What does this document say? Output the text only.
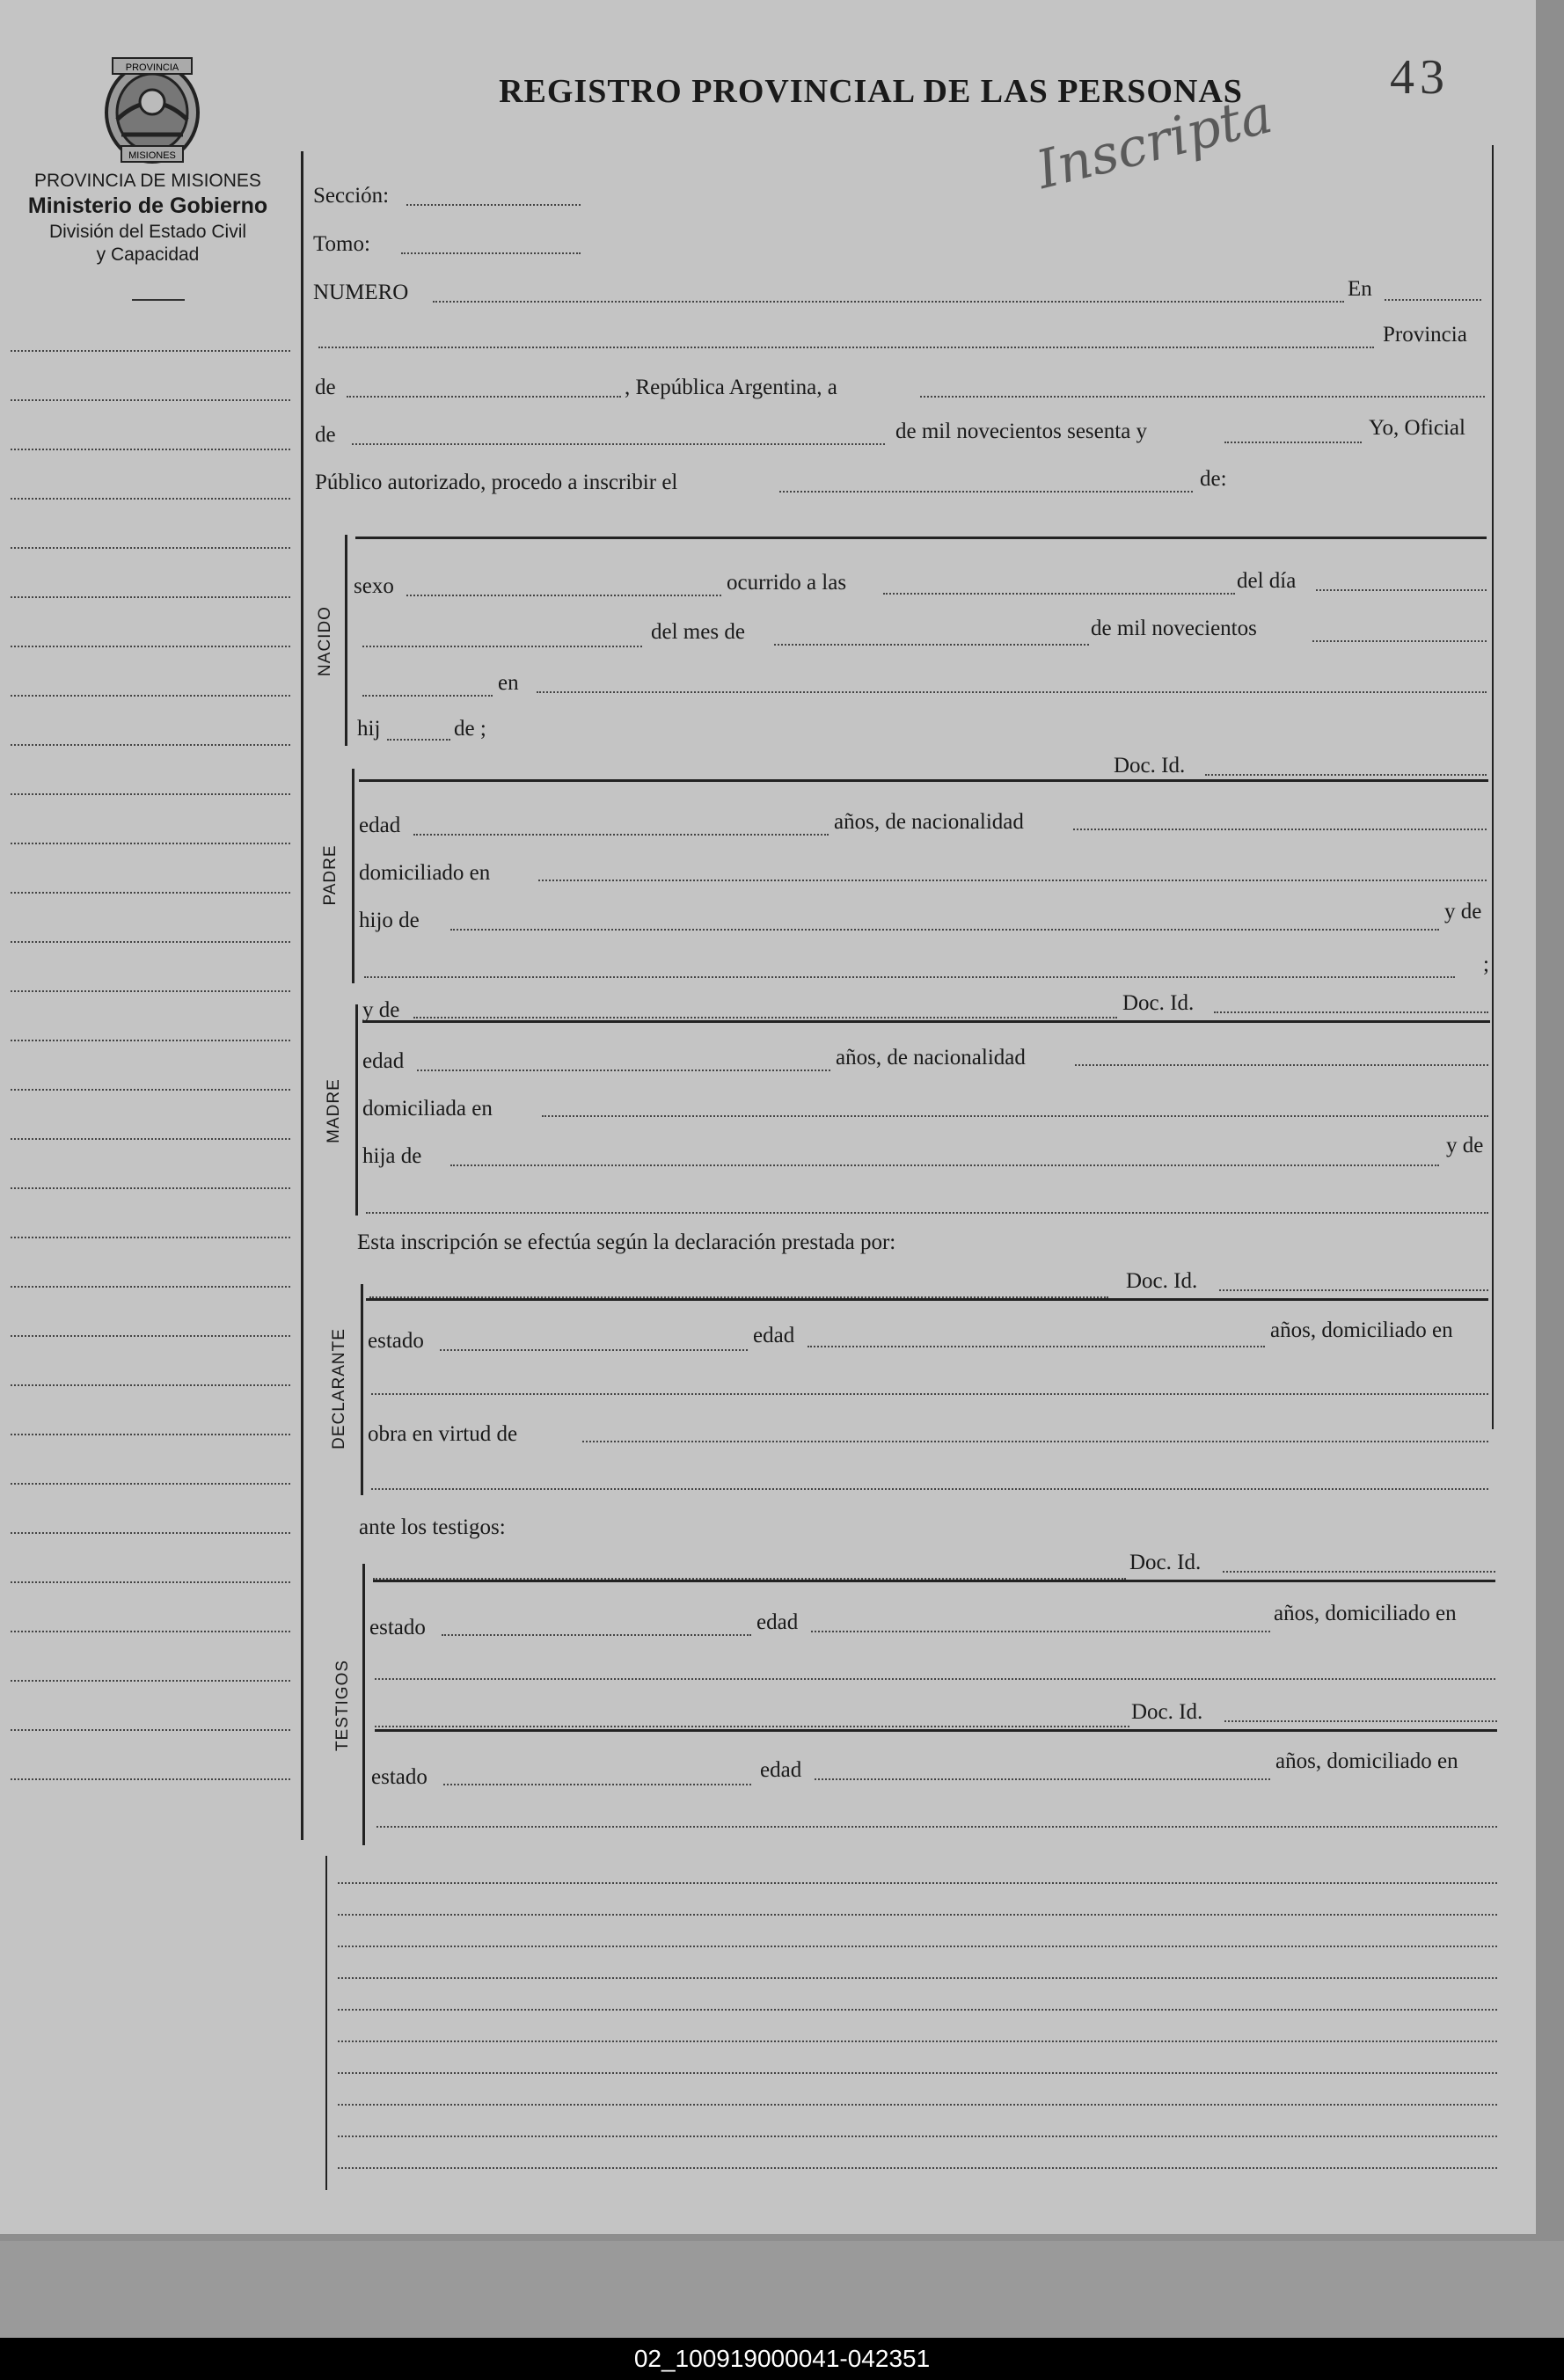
PROVINCIA
MISIONES
PROVINCIA DE MISIONES
Ministerio de Gobierno
División del Estado Civil
y Capacidad
REGISTRO PROVINCIAL DE LAS PERSONAS	43
Inscripta
Sección:
Tomo:
NUMERO	En
Provincia
de	, República Argentina, a
de	de mil novecientos sesenta y	Yo, Oficial
Público autorizado, procedo a inscribir el	de:
NACIDO
sexo	ocurrido a las	del día
del mes de	de mil novecientos
en
hij	de ;
PADRE
Doc. Id.
edad	años, de nacionalidad
domiciliado en
hijo de	y de
;
MADRE
y de	Doc. Id.
edad	años, de nacionalidad
domiciliada en
hija de	y de
Esta inscripción se efectúa según la declaración prestada por:
DECLARANTE
Doc. Id.
estado	edad	años, domiciliado en
obra en virtud de
ante los testigos:
TESTIGOS
Doc. Id.
estado	edad	años, domiciliado en
Doc. Id.
estado	edad	años, domiciliado en
02_100919000041-042351
